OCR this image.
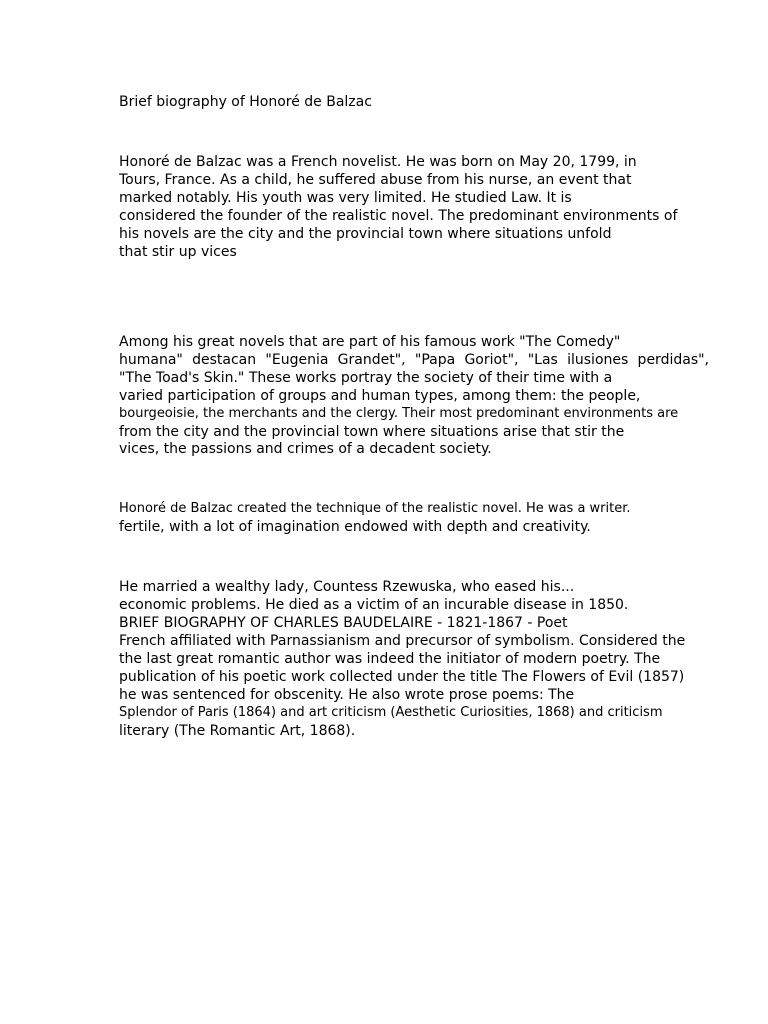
Brief biography of Honoré de Balzac

Honoré de Balzac was a French novelist. He was born on May 20, 1799, in

Tours, France. As a child, he suffered abuse from his nurse, an event that

marked notably. His youth was very limited. He studied Law. It is

considered the founder of the realistic novel. The predominant environments of

his novels are the city and the provincial town where situations unfold

that stir up vices

Among his great novels that are part of his famous work "The Comedy"

humana" destacan "Eugenia Grandet", "Papa Goriot", "Las ilusiones perdidas",

"The Toad's Skin." These works portray the society of their time with a

varied participation of groups and human types, among them: the people,

bourgeoisie, the merchants and the clergy. Their most predominant environments are

from the city and the provincial town where situations arise that stir the

vices, the passions and crimes of a decadent society.

Honoré de Balzac created the technique of the realistic novel. He was a writer.

fertile, with a lot of imagination endowed with depth and creativity.

He married a wealthy lady, Countess Rzewuska, who eased his...

economic problems. He died as a victim of an incurable disease in 1850.

BRIEF BIOGRAPHY OF CHARLES BAUDELAIRE - 1821-1867 - Poet

French affiliated with Parnassianism and precursor of symbolism. Considered the

the last great romantic author was indeed the initiator of modern poetry. The

publication of his poetic work collected under the title The Flowers of Evil (1857)

he was sentenced for obscenity. He also wrote prose poems: The

Splendor of Paris (1864) and art criticism (Aesthetic Curiosities, 1868) and criticism

literary (The Romantic Art, 1868).
